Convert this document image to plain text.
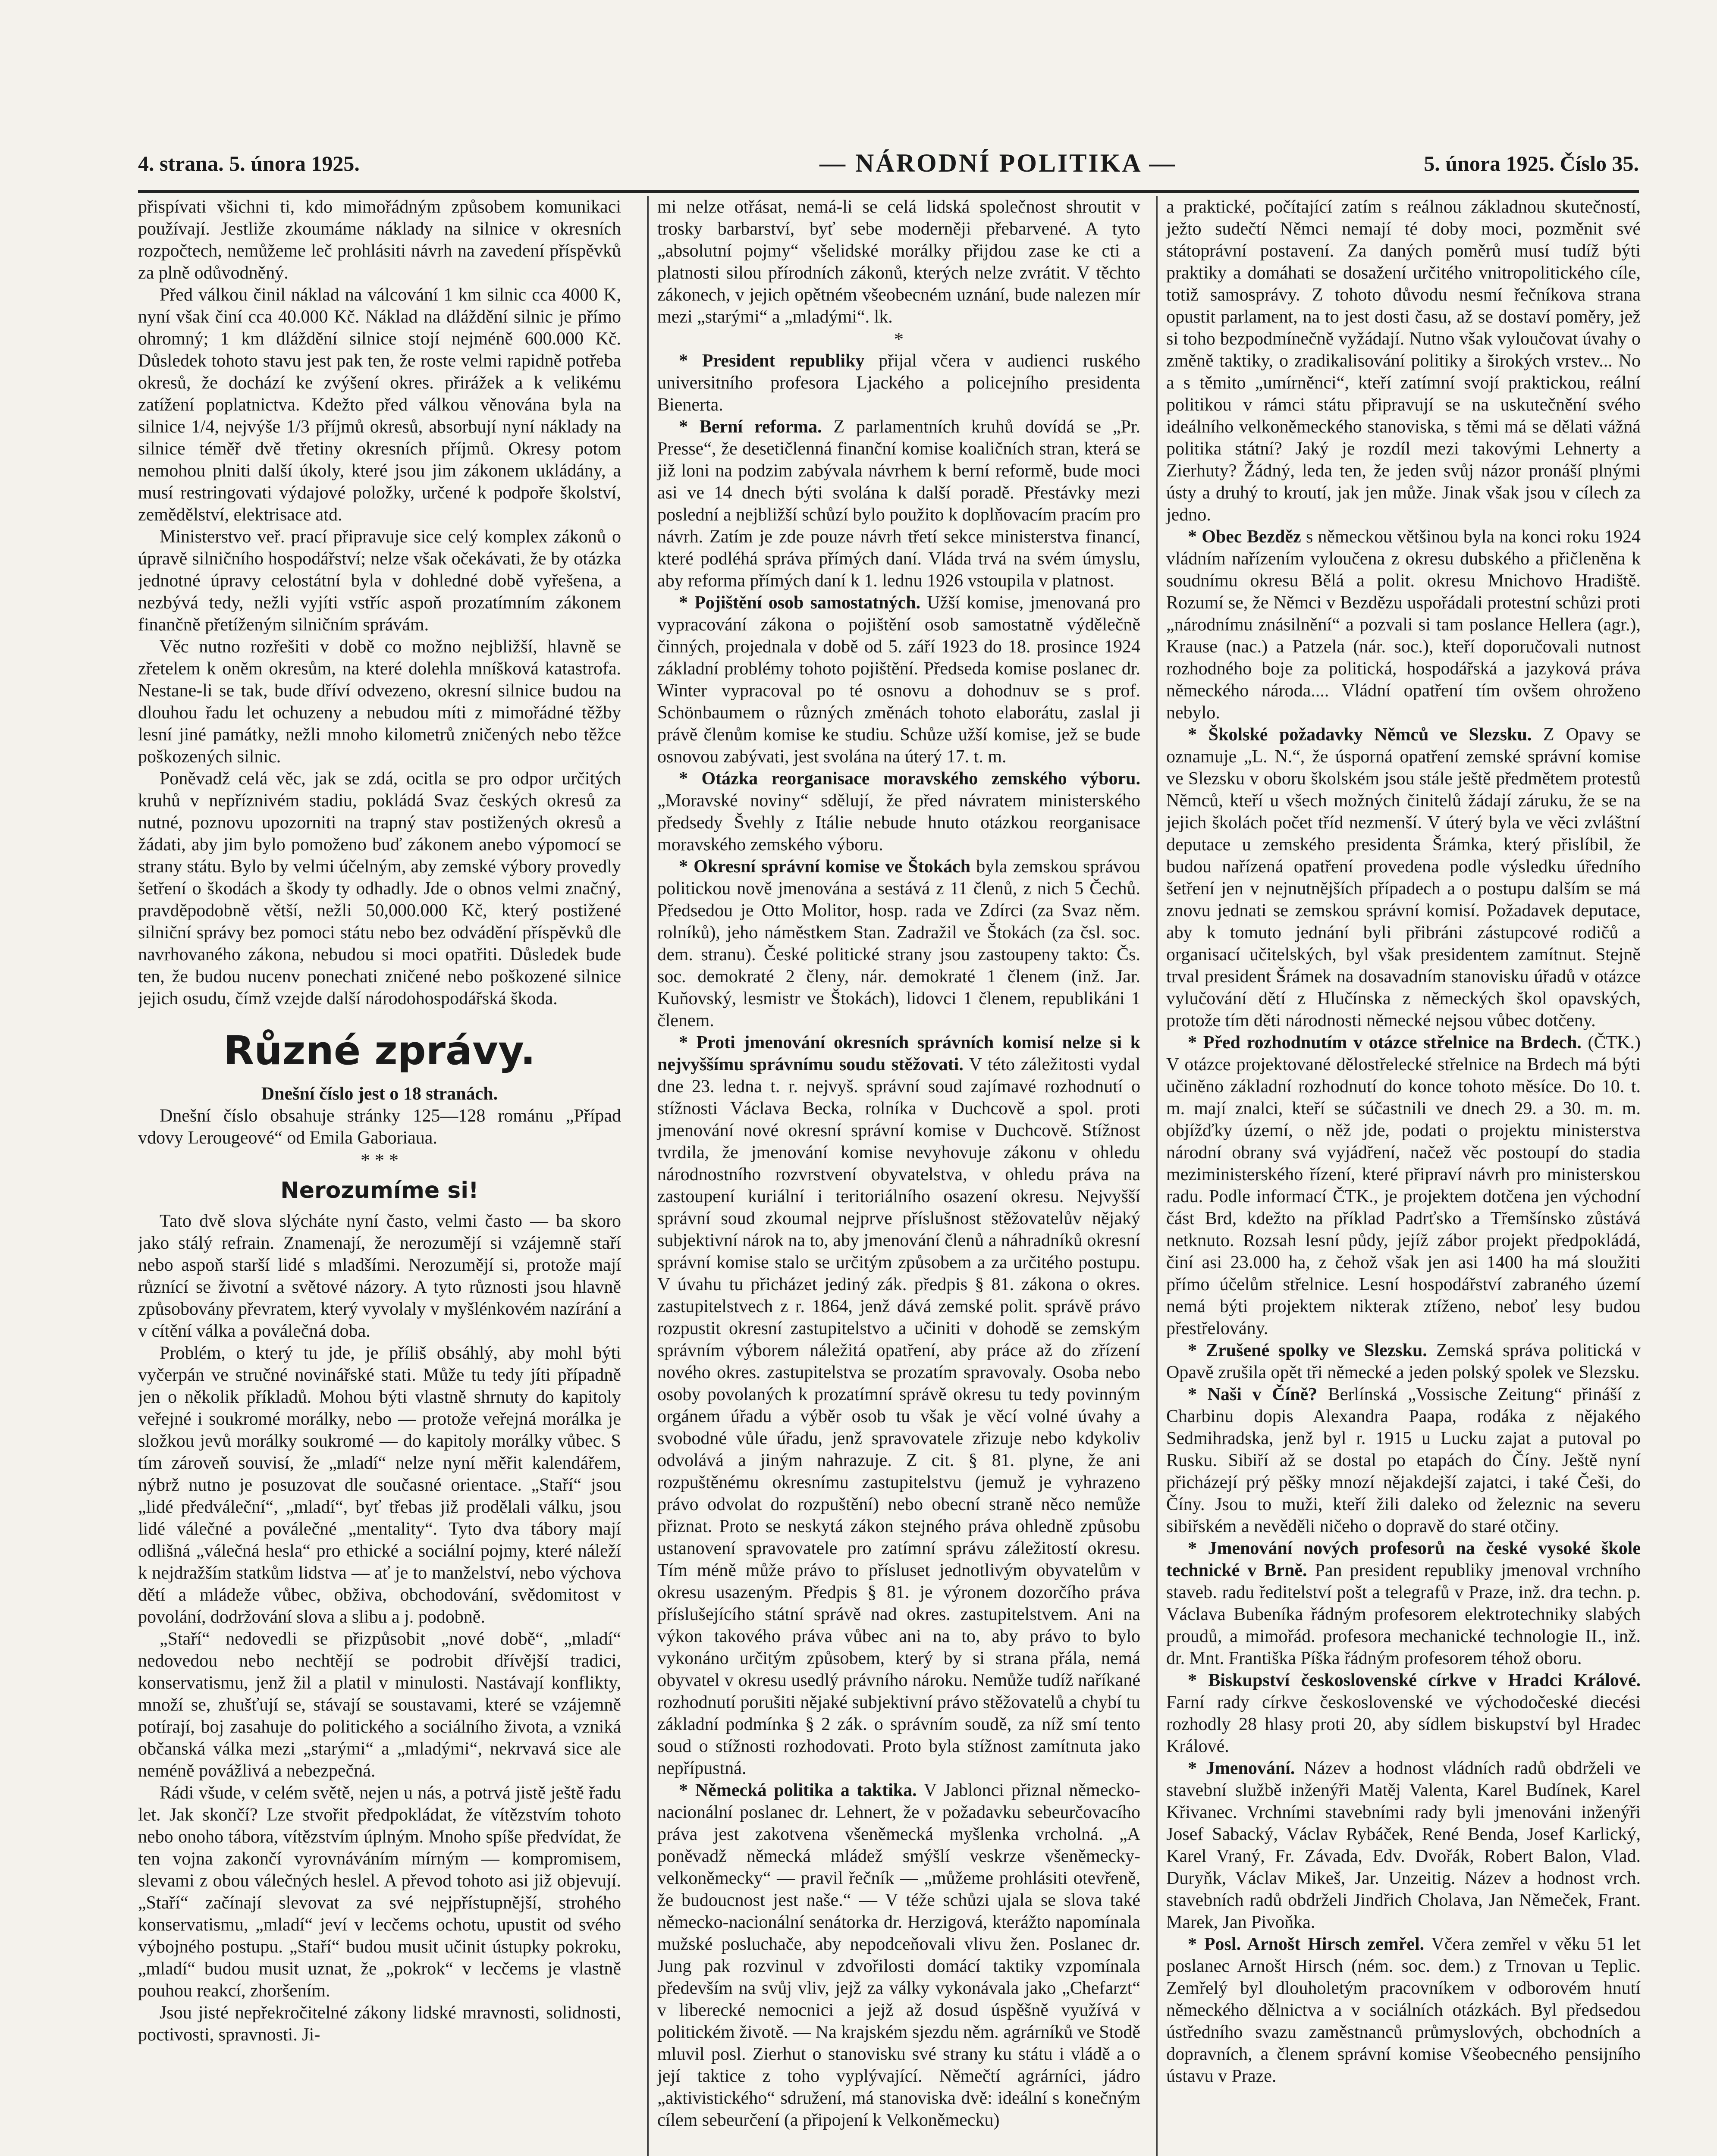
4. strana. 5. února 1925.	— NÁRODNÍ POLITIKA —	5. února 1925. Číslo 35.

přispívati všichni ti, kdo mimořádným způsobem komunikaci používají. Jestliže zkoumáme náklady na silnice v okresních rozpočtech, nemůžeme leč prohlásiti návrh na zavedení příspěvků za plně odůvodněný.

Před válkou činil náklad na válcování 1 km silnic cca 4000 K, nyní však činí cca 40.000 Kč. Náklad na dláždění silnic je přímo ohromný; 1 km dláždění silnice stojí nejméně 600.000 Kč. Důsledek tohoto stavu jest pak ten, že roste velmi rapidně potřeba okresů, že dochází ke zvýšení okres. přirážek a k velikému zatížení poplatnictva. Kdežto před válkou věnována byla na silnice 1/4, nejvýše 1/3 příjmů okresů, absorbují nyní náklady na silnice téměř dvě třetiny okresních příjmů. Okresy potom nemohou plniti další úkoly, které jsou jim zákonem ukládány, a musí restringovati výdajové položky, určené k podpoře školství, zemědělství, elektrisace atd.

Ministerstvo veř. prací připravuje sice celý komplex zákonů o úpravě silničního hospodářství; nelze však očekávati, že by otázka jednotné úpravy celostátní byla v dohledné době vyřešena, a nezbývá tedy, nežli vyjíti vstříc aspoň prozatímním zákonem finančně přetíženým silničním správám.

Věc nutno rozřešiti v době co možno nejbližší, hlavně se zřetelem k oněm okresům, na které dolehla mníšková katastrofa. Nestane-li se tak, bude dříví odvezeno, okresní silnice budou na dlouhou řadu let ochuzeny a nebudou míti z mimořádné těžby lesní jiné památky, nežli mnoho kilometrů zničených nebo těžce poškozených silnic.

Poněvadž celá věc, jak se zdá, ocitla se pro odpor určitých kruhů v nepříznivém stadiu, pokládá Svaz českých okresů za nutné, poznovu upozorniti na trapný stav postižených okresů a žádati, aby jim bylo pomoženo buď zákonem anebo výpomocí se strany státu. Bylo by velmi účelným, aby zemské výbory provedly šetření o škodách a škody ty odhadly. Jde o obnos velmi značný, pravděpodobně větší, nežli 50,000.000 Kč, který postižené silniční správy bez pomoci státu nebo bez odvádění příspěvků dle navrhovaného zákona, nebudou si moci opatřiti. Důsledek bude ten, že budou nucenv ponechati zničené nebo poškozené silnice jejich osudu, čímž vzejde další národohospodářská škoda.

Různé zprávy.

Dnešní číslo jest o 18 stranách.

Dnešní číslo obsahuje stránky 125—128 románu „Případ vdovy Lerougeové“ od Emila Gaboriaua.

* * *

Nerozumíme si!

Tato dvě slova slýcháte nyní často, velmi často — ba skoro jako stálý refrain. Znamenají, že nerozumějí si vzájemně staří nebo aspoň starší lidé s mladšími. Nerozumějí si, protože mají různící se životní a světové názory. A tyto různosti jsou hlavně způsobovány převratem, který vyvolaly v myšlénkovém nazírání a v cítění válka a poválečná doba.

Problém, o který tu jde, je příliš obsáhlý, aby mohl býti vyčerpán ve stručné novinářské stati. Může tu tedy jíti případně jen o několik příkladů. Mohou býti vlastně shrnuty do kapitoly veřejné i soukromé morálky, nebo — protože veřejná morálka je složkou jevů morálky soukromé — do kapitoly morálky vůbec. S tím zároveň souvisí, že „mladí“ nelze nyní měřit kalendářem, nýbrž nutno je posuzovat dle současné orientace. „Staří“ jsou „lidé předváleční“, „mladí“, byť třebas již prodělali válku, jsou lidé válečné a poválečné „mentality“. Tyto dva tábory mají odlišná „válečná hesla“ pro ethické a sociální pojmy, které náleží k nejdražším statkům lidstva — ať je to manželství, nebo výchova dětí a mládeže vůbec, obživa, obchodování, svědomitost v povolání, dodržování slova a slibu a j. podobně.

„Staří“ nedovedli se přizpůsobit „nové době“, „mladí“ nedovedou nebo nechtějí se podrobit dřívější tradici, konservatismu, jenž žil a platil v minulosti. Nastávají konflikty, množí se, zhušťují se, stávají se soustavami, které se vzájemně potírají, boj zasahuje do politického a sociálního života, a vzniká občanská válka mezi „starými“ a „mladými“, nekrvavá sice ale neméně povážlivá a nebezpečná.

Rádi všude, v celém světě, nejen u nás, a potrvá jistě ještě řadu let. Jak skončí? Lze stvořit předpokládat, že vítězstvím tohoto nebo onoho tábora, vítězstvím úplným. Mnoho spíše předvídat, že ten vojna zakončí vyrovnáváním mírným — kompromisem, slevami z obou válečných heslel. A převod tohoto asi již objevují. „Staří“ začínají slevovat za své nejpřístupnější, strohého konservatismu, „mladí“ jeví v lecčems ochotu, upustit od svého výbojného postupu. „Staří“ budou musit učinit ústupky pokroku, „mladí“ budou musit uznat, že „pokrok“ v lecčems je vlastně pouhou reakcí, zhoršením.

Jsou jisté nepřekročitelné zákony lidské mravnosti, solidnosti, poctivosti, spravnosti. Ji-

mi nelze otřásat, nemá-li se celá lidská společnost shroutit v trosky barbarství, byť sebe moderněji přebarvené. A tyto „absolutní pojmy“ všelidské morálky přijdou zase ke cti a platnosti silou přírodních zákonů, kterých nelze zvrátit. V těchto zákonech, v jejich opětném všeobecném uznání, bude nalezen mír mezi „starými“ a „mladými“. lk.

*

* President republiky přijal včera v audienci ruského universitního profesora Ljackého a policejního presidenta Bienerta.

* Berní reforma. Z parlamentních kruhů dovídá se „Pr. Presse“, že desetičlenná finanční komise koaličních stran, která se již loni na podzim zabývala návrhem k berní reformě, bude moci asi ve 14 dnech býti svolána k další poradě. Přestávky mezi poslední a nejbližší schůzí bylo použito k doplňovacím pracím pro návrh. Zatím je zde pouze návrh třetí sekce ministerstva financí, které podléhá správa přímých daní. Vláda trvá na svém úmyslu, aby reforma přímých daní k 1. lednu 1926 vstoupila v platnost.

* Pojištění osob samostatných. Užší komise, jmenovaná pro vypracování zákona o pojištění osob samostatně výdělečně činných, projednala v době od 5. září 1923 do 18. prosince 1924 základní problémy tohoto pojištění. Předseda komise poslanec dr. Winter vypracoval po té osnovu a dohodnuv se s prof. Schönbaumem o různých změnách tohoto elaborátu, zaslal ji právě členům komise ke studiu. Schůze užší komise, jež se bude osnovou zabývati, jest svolána na úterý 17. t. m.

* Otázka reorganisace moravského zemského výboru. „Moravské noviny“ sdělují, že před návratem ministerského předsedy Švehly z Itálie nebude hnuto otázkou reorganisace moravského zemského výboru.

* Okresní správní komise ve Štokách byla zemskou správou politickou nově jmenována a sestává z 11 členů, z nich 5 Čechů. Předsedou je Otto Molitor, hosp. rada ve Zdírci (za Svaz něm. rolníků), jeho náměstkem Stan. Zadražil ve Štokách (za čsl. soc. dem. stranu). České politické strany jsou zastoupeny takto: Čs. soc. demokraté 2 členy, nár. demokraté 1 členem (inž. Jar. Kuňovský, lesmistr ve Štokách), lidovci 1 členem, republikáni 1 členem.

* Proti jmenování okresních správních komisí nelze si k nejvyššímu správnímu soudu stěžovati. V této záležitosti vydal dne 23. ledna t. r. nejvyš. správní soud zajímavé rozhodnutí o stížnosti Václava Becka, rolníka v Duchcově a spol. proti jmenování nové okresní správní komise v Duchcově. Stížnost tvrdila, že jmenování komise nevyhovuje zákonu v ohledu národnostního rozvrstvení obyvatelstva, v ohledu práva na zastoupení kuriální i teritoriálního osazení okresu. Nejvyšší správní soud zkoumal nejprve příslušnost stěžovatelův nějaký subjektivní nárok na to, aby jmenování členů a náhradníků okresní správní komise stalo se určitým způsobem a za určitého postupu. V úvahu tu přicházet jediný zák. předpis § 81. zákona o okres. zastupitelstvech z r. 1864, jenž dává zemské polit. správě právo rozpustit okresní zastupitelstvo a učiniti v dohodě se zemským správním výborem náležitá opatření, aby práce až do zřízení nového okres. zastupitelstva se prozatím spravovaly. Osoba nebo osoby povolaných k prozatímní správě okresu tu tedy povinným orgánem úřadu a výběr osob tu však je věcí volné úvahy a svobodné vůle úřadu, jenž spravovatele zřizuje nebo kdykoliv odvolává a jiným nahrazuje. Z cit. § 81. plyne, že ani rozpuštěnému okresnímu zastupitelstvu (jemuž je vyhrazeno právo odvolat do rozpuštění) nebo obecní straně něco nemůže přiznat. Proto se neskytá zákon stejného práva ohledně způsobu ustanovení spravovatele pro zatímní správu záležitostí okresu. Tím méně může právo to přísluset jednotlivým obyvatelům v okresu usazeným. Předpis § 81. je výronem dozorčího práva příslušejícího státní správě nad okres. zastupitelstvem. Ani na výkon takového práva vůbec ani na to, aby právo to bylo vykonáno určitým způsobem, který by si strana přála, nemá obyvatel v okresu usedlý právního nároku. Nemůže tudíž naříkané rozhodnutí porušiti nějaké subjektivní právo stěžovatelů a chybí tu základní podmínka § 2 zák. o správním soudě, za níž smí tento soud o stížnosti rozhodovati. Proto byla stížnost zamítnuta jako nepřípustná.

* Německá politika a taktika. V Jablonci přiznal německo-nacionální poslanec dr. Lehnert, že v požadavku sebeurčovacího práva jest zakotvena všeněmecká myšlenka vrcholná. „A poněvadž německá mládež smýšlí veskrze všeněmecky-velkoněmecky“ — pravil řečník — „můžeme prohlásiti otevřeně, že budoucnost jest naše.“ — V téže schůzi ujala se slova také německo-nacionální senátorka dr. Herzigová, kterážto napomínala mužské posluchače, aby nepodceňovali vlivu žen. Poslanec dr. Jung pak rozvinul v zdvořilosti domácí taktiky vzpomínala především na svůj vliv, jejž za války vykonávala jako „Chefarzt“ v liberecké nemocnici a jejž až dosud úspěšně využívá v politickém životě. — Na krajském sjezdu něm. agrárníků ve Stodě mluvil posl. Zierhut o stanovisku své strany ku státu i vládě a o její taktice z toho vyplývající. Němečtí agrárníci, jádro „aktivistického“ sdružení, má stanoviska dvě: ideální s konečným cílem sebeurčení (a připojení k Velkoněmecku)

a praktické, počítající zatím s reálnou základnou skutečností, ježto sudečtí Němci nemají té doby moci, pozměnit své státoprávní postavení. Za daných poměrů musí tudíž býti praktiky a domáhati se dosažení určitého vnitropolitického cíle, totiž samosprávy. Z tohoto důvodu nesmí řečníkova strana opustit parlament, na to jest dosti času, až se dostaví poměry, jež si toho bezpodmínečně vyžádají. Nutno však vyloučovat úvahy o změně taktiky, o zradikalisování politiky a širokých vrstev... No a s těmito „umírněnci“, kteří zatímní svojí praktickou, reální politikou v rámci státu připravují se na uskutečnění svého ideálního velkoněmeckého stanoviska, s těmi má se dělati vážná politika státní? Jaký je rozdíl mezi takovými Lehnerty a Zierhuty? Žádný, leda ten, že jeden svůj názor pronáší plnými ústy a druhý to kroutí, jak jen může. Jinak však jsou v cílech za jedno.

* Obec Bezděz s německou většinou byla na konci roku 1924 vládním nařízením vyloučena z okresu dubského a přičleněna k soudnímu okresu Bělá a polit. okresu Mnichovo Hradiště. Rozumí se, že Němci v Bezdězu uspořádali protestní schůzi proti „národnímu znásilnění“ a pozvali si tam poslance Hellera (agr.), Krause (nac.) a Patzela (nár. soc.), kteří doporučovali nutnost rozhodného boje za politická, hospodářská a jazyková práva německého národa.... Vládní opatření tím ovšem ohroženo nebylo.

* Školské požadavky Němců ve Slezsku. Z Opavy se oznamuje „L. N.“, že úsporná opatření zemské správní komise ve Slezsku v oboru školském jsou stále ještě předmětem protestů Němců, kteří u všech možných činitelů žádají záruku, že se na jejich školách počet tříd nezmenší. V úterý byla ve věci zvláštní deputace u zemského presidenta Šrámka, který přislíbil, že budou nařízená opatření provedena podle výsledku úředního šetření jen v nejnutnějších případech a o postupu dalším se má znovu jednati se zemskou správní komisí. Požadavek deputace, aby k tomuto jednání byli přibráni zástupcové rodičů a organisací učitelských, byl však presidentem zamítnut. Stejně trval president Šrámek na dosavadním stanovisku úřadů v otázce vylučování dětí z Hlučínska z německých škol opavských, protože tím děti národnosti německé nejsou vůbec dotčeny.

* Před rozhodnutím v otázce střelnice na Brdech. (ČTK.) V otázce projektované dělostřelecké střelnice na Brdech má býti učiněno základní rozhodnutí do konce tohoto měsíce. Do 10. t. m. mají znalci, kteří se súčastnili ve dnech 29. a 30. m. m. objížďky území, o něž jde, podati o projektu ministerstva národní obrany svá vyjádření, načež věc postoupí do stadia meziministerského řízení, které připraví návrh pro ministerskou radu. Podle informací ČTK., je projektem dotčena jen východní část Brd, kdežto na příklad Padrťsko a Třemšínsko zůstává netknuto. Rozsah lesní půdy, jejíž zábor projekt předpokládá, činí asi 23.000 ha, z čehož však jen asi 1400 ha má sloužiti přímo účelům střelnice. Lesní hospodářství zabraného území nemá býti projektem nikterak ztíženo, neboť lesy budou přestřelovány.

* Zrušené spolky ve Slezsku. Zemská správa politická v Opavě zrušila opět tři německé a jeden polský spolek ve Slezsku.

* Naši v Číně? Berlínská „Vossische Zeitung“ přináší z Charbinu dopis Alexandra Paapa, rodáka z nějakého Sedmihradska, jenž byl r. 1915 u Lucku zajat a putoval po Rusku. Sibiří až se dostal po etapách do Číny. Ještě nyní přicházejí prý pěšky mnozí nějakdejší zajatci, i také Češi, do Číny. Jsou to muži, kteří žili daleko od železnic na severu sibiřském a nevěděli ničeho o dopravě do staré otčiny.

* Jmenování nových profesorů na české vysoké škole technické v Brně. Pan president republiky jmenoval vrchního staveb. radu ředitelství pošt a telegrafů v Praze, inž. dra techn. p. Václava Bubeníka řádným profesorem elektrotechniky slabých proudů, a mimořád. profesora mechanické technologie II., inž. dr. Mnt. Františka Píška řádným profesorem téhož oboru.

* Biskupství československé církve v Hradci Králové. Farní rady církve československé ve východočeské diecési rozhodly 28 hlasy proti 20, aby sídlem biskupství byl Hradec Králové.

* Jmenování. Název a hodnost vládních radů obdrželi ve stavební službě inženýři Matěj Valenta, Karel Budínek, Karel Křivanec. Vrchními stavebními rady byli jmenováni inženýři Josef Sabacký, Václav Rybáček, René Benda, Josef Karlický, Karel Vraný, Fr. Závada, Edv. Dvořák, Robert Balon, Vlad. Duryňk, Václav Mikeš, Jar. Unzeitig. Název a hodnost vrch. stavebních radů obdrželi Jindřich Cholava, Jan Němeček, Frant. Marek, Jan Pivoňka.

* Posl. Arnošt Hirsch zemřel. Včera zemřel v věku 51 let poslanec Arnošt Hirsch (ném. soc. dem.) z Trnovan u Teplic. Zemřelý byl dlouholetým pracovníkem v odborovém hnutí německého dělnictva a v sociálních otázkách. Byl předsedou ústředního svazu zaměstnanců průmyslových, obchodních a dopravních, a členem správní komise Všeobecného pensijního ústavu v Praze.
